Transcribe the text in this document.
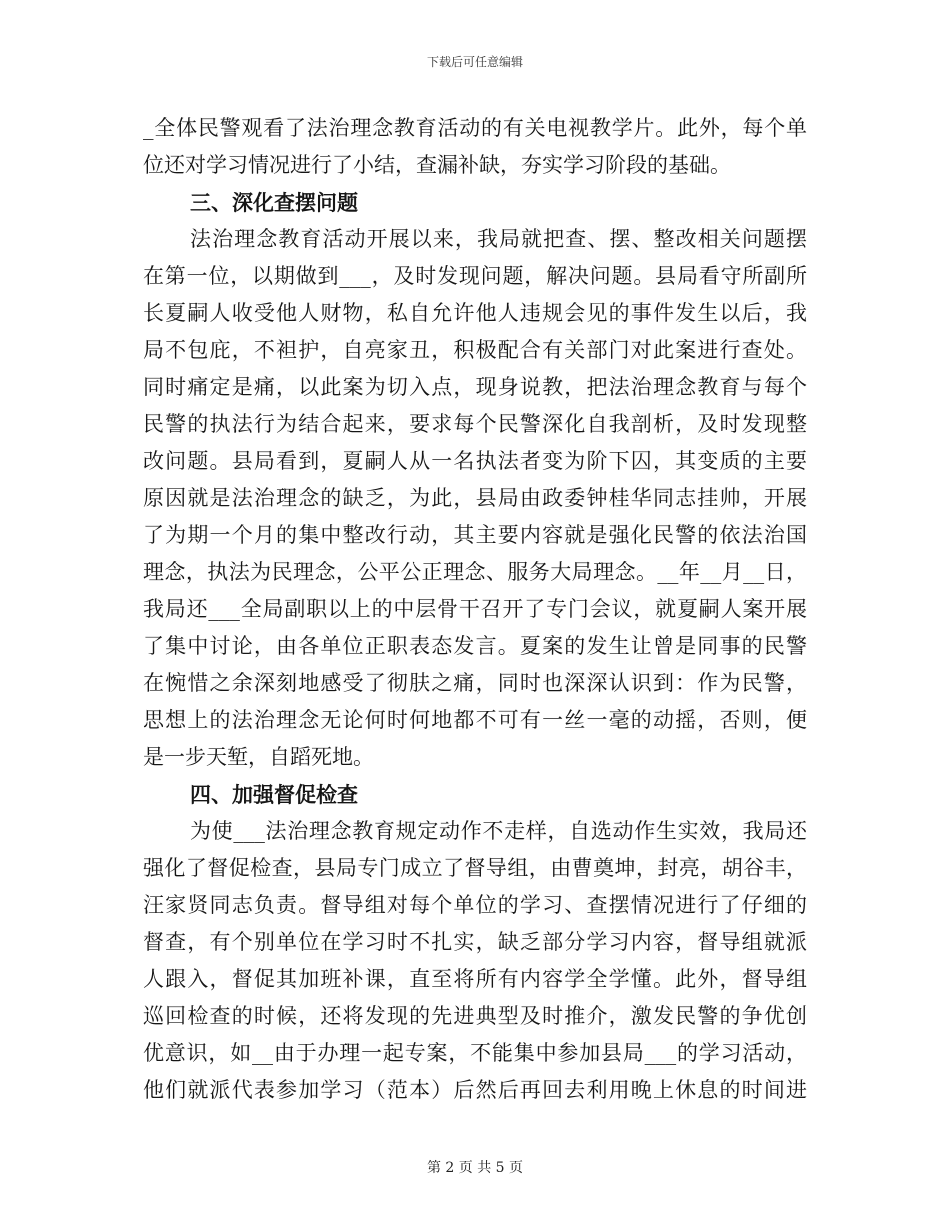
下载后可任意编辑
_全体民警观看了法治理念教育活动的有关电视教学片。此外，每个单
位还对学习情况进行了小结，查漏补缺，夯实学习阶段的基础。
三、深化查摆问题
法治理念教育活动开展以来，我局就把查、摆、整改相关问题摆
在第一位，以期做到___，及时发现问题，解决问题。县局看守所副所
长夏嗣人收受他人财物，私自允许他人违规会见的事件发生以后，我
局不包庇，不袒护，自亮家丑，积极配合有关部门对此案进行查处。
同时痛定是痛，以此案为切入点，现身说教，把法治理念教育与每个
民警的执法行为结合起来，要求每个民警深化自我剖析，及时发现整
改问题。县局看到，夏嗣人从一名执法者变为阶下囚，其变质的主要
原因就是法治理念的缺乏，为此，县局由政委钟桂华同志挂帅，开展
了为期一个月的集中整改行动，其主要内容就是强化民警的依法治国
理念，执法为民理念，公平公正理念、服务大局理念。__年__月__日，
我局还___全局副职以上的中层骨干召开了专门会议，就夏嗣人案开展
了集中讨论，由各单位正职表态发言。夏案的发生让曾是同事的民警
在惋惜之余深刻地感受了彻肤之痛，同时也深深认识到：作为民警，
思想上的法治理念无论何时何地都不可有一丝一毫的动摇，否则，便
是一步天堑，自蹈死地。
四、加强督促检查
为使___法治理念教育规定动作不走样，自选动作生实效，我局还
强化了督促检查，县局专门成立了督导组，由曹奠坤，封亮，胡谷丰，
汪家贤同志负责。督导组对每个单位的学习、查摆情况进行了仔细的
督查，有个别单位在学习时不扎实，缺乏部分学习内容，督导组就派
人跟入，督促其加班补课，直至将所有内容学全学懂。此外，督导组
巡回检查的时候，还将发现的先进典型及时推介，激发民警的争优创
优意识，如__由于办理一起专案，不能集中参加县局___的学习活动，
他们就派代表参加学习（范本）后然后再回去利用晚上休息的时间进
第 2 页 共 5 页
